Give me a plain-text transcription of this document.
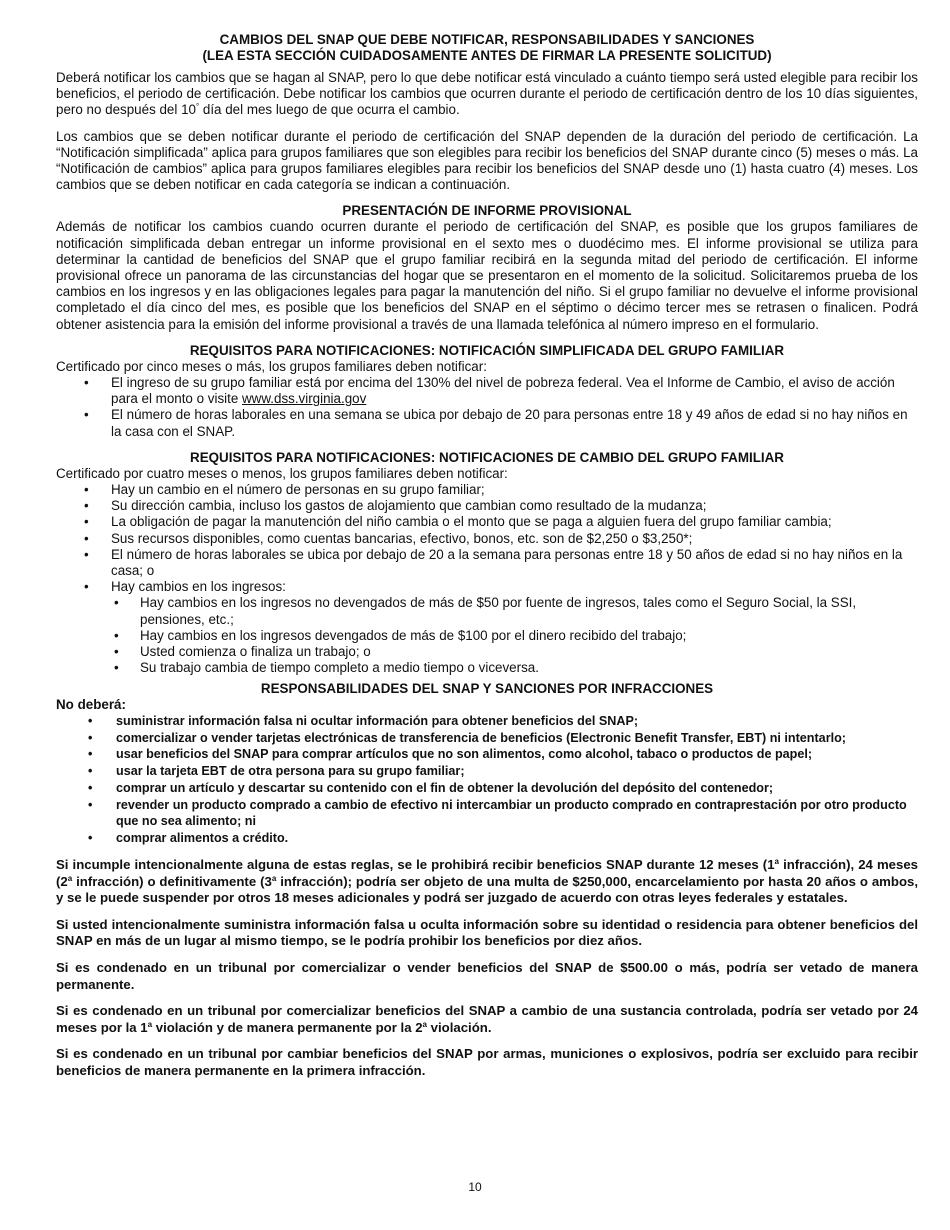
CAMBIOS DEL SNAP QUE DEBE NOTIFICAR, RESPONSABILIDADES Y SANCIONES
(LEA ESTA SECCIÓN CUIDADOSAMENTE ANTES DE FIRMAR LA PRESENTE SOLICITUD)

Deberá notificar los cambios que se hagan al SNAP, pero lo que debe notificar está vinculado a cuánto tiempo será usted elegible para recibir los beneficios, el periodo de certificación. Debe notificar los cambios que ocurren durante el periodo de certificación dentro de los 10 días siguientes, pero no después del 10° día del mes luego de que ocurra el cambio.

Los cambios que se deben notificar durante el periodo de certificación del SNAP dependen de la duración del periodo de certificación. La “Notificación simplificada” aplica para grupos familiares que son elegibles para recibir los beneficios del SNAP durante cinco (5) meses o más. La “Notificación de cambios” aplica para grupos familiares elegibles para recibir los beneficios del SNAP desde uno (1) hasta cuatro (4) meses. Los cambios que se deben notificar en cada categoría se indican a continuación.

PRESENTACIÓN DE INFORME PROVISIONAL

Además de notificar los cambios cuando ocurren durante el periodo de certificación del SNAP, es posible que los grupos familiares de notificación simplificada deban entregar un informe provisional en el sexto mes o duodécimo mes. El informe provisional se utiliza para determinar la cantidad de beneficios del SNAP que el grupo familiar recibirá en la segunda mitad del periodo de certificación. El informe provisional ofrece un panorama de las circunstancias del hogar que se presentaron en el momento de la solicitud. Solicitaremos prueba de los cambios en los ingresos y en las obligaciones legales para pagar la manutención del niño. Si el grupo familiar no devuelve el informe provisional completado el día cinco del mes, es posible que los beneficios del SNAP en el séptimo o décimo tercer mes se retrasen o finalicen. Podrá obtener asistencia para la emisión del informe provisional a través de una llamada telefónica al número impreso en el formulario.

REQUISITOS PARA NOTIFICACIONES: NOTIFICACIÓN SIMPLIFICADA DEL GRUPO FAMILIAR

Certificado por cinco meses o más, los grupos familiares deben notificar:

• El ingreso de su grupo familiar está por encima del 130% del nivel de pobreza federal. Vea el Informe de Cambio, el aviso de acción para el monto o visite www.dss.virginia.gov
• El número de horas laborales en una semana se ubica por debajo de 20 para personas entre 18 y 49 años de edad si no hay niños en la casa con el SNAP.
REQUISITOS PARA NOTIFICACIONES: NOTIFICACIONES DE CAMBIO DEL GRUPO FAMILIAR

Certificado por cuatro meses o menos, los grupos familiares deben notificar:

• Hay un cambio en el número de personas en su grupo familiar;
• Su dirección cambia, incluso los gastos de alojamiento que cambian como resultado de la mudanza;
• La obligación de pagar la manutención del niño cambia o el monto que se paga a alguien fuera del grupo familiar cambia;
• Sus recursos disponibles, como cuentas bancarias, efectivo, bonos, etc. son de $2,250 o $3,250*;
• El número de horas laborales se ubica por debajo de 20 a la semana para personas entre 18 y 50 años de edad si no hay niños en la casa; o
• Hay cambios en los ingresos:
• Hay cambios en los ingresos no devengados de más de $50 por fuente de ingresos, tales como el Seguro Social, la SSI, pensiones, etc.;
• Hay cambios en los ingresos devengados de más de $100 por el dinero recibido del trabajo;
• Usted comienza o finaliza un trabajo; o
• Su trabajo cambia de tiempo completo a medio tiempo o viceversa.
RESPONSABILIDADES DEL SNAP Y SANCIONES POR INFRACCIONES
No deberá:
• suministrar información falsa ni ocultar información para obtener beneficios del SNAP;
• comercializar o vender tarjetas electrónicas de transferencia de beneficios (Electronic Benefit Transfer, EBT) ni intentarlo;
• usar beneficios del SNAP para comprar artículos que no son alimentos, como alcohol, tabaco o productos de papel;
• usar la tarjeta EBT de otra persona para su grupo familiar;
• comprar un artículo y descartar su contenido con el fin de obtener la devolución del depósito del contenedor;
• revender un producto comprado a cambio de efectivo ni intercambiar un producto comprado en contraprestación por otro producto que no sea alimento; ni
• comprar alimentos a crédito.

Si incumple intencionalmente alguna de estas reglas, se le prohibirá recibir beneficios SNAP durante 12 meses (1$^a$ infracción), 24 meses (2$^a$ infracción) o definitivamente (3$^a$ infracción); podría ser objeto de una multa de $250,000, encarcelamiento por hasta 20 años o ambos, y se le puede suspender por otros 18 meses adicionales y podrá ser juzgado de acuerdo con otras leyes federales y estatales.

Si usted intencionalmente suministra información falsa u oculta información sobre su identidad o residencia para obtener beneficios del SNAP en más de un lugar al mismo tiempo, se le podría prohibir los beneficios por diez años.

Si es condenado en un tribunal por comercializar o vender beneficios del SNAP de $500.00 o más, podría ser vetado de manera permanente.

Si es condenado en un tribunal por comercializar beneficios del SNAP a cambio de una sustancia controlada, podría ser vetado por 24 meses por la 1$^a$ violación y de manera permanente por la 2$^a$ violación.

Si es condenado en un tribunal por cambiar beneficios del SNAP por armas, municiones o explosivos, podría ser excluido para recibir beneficios de manera permanente en la primera infracción.

10
